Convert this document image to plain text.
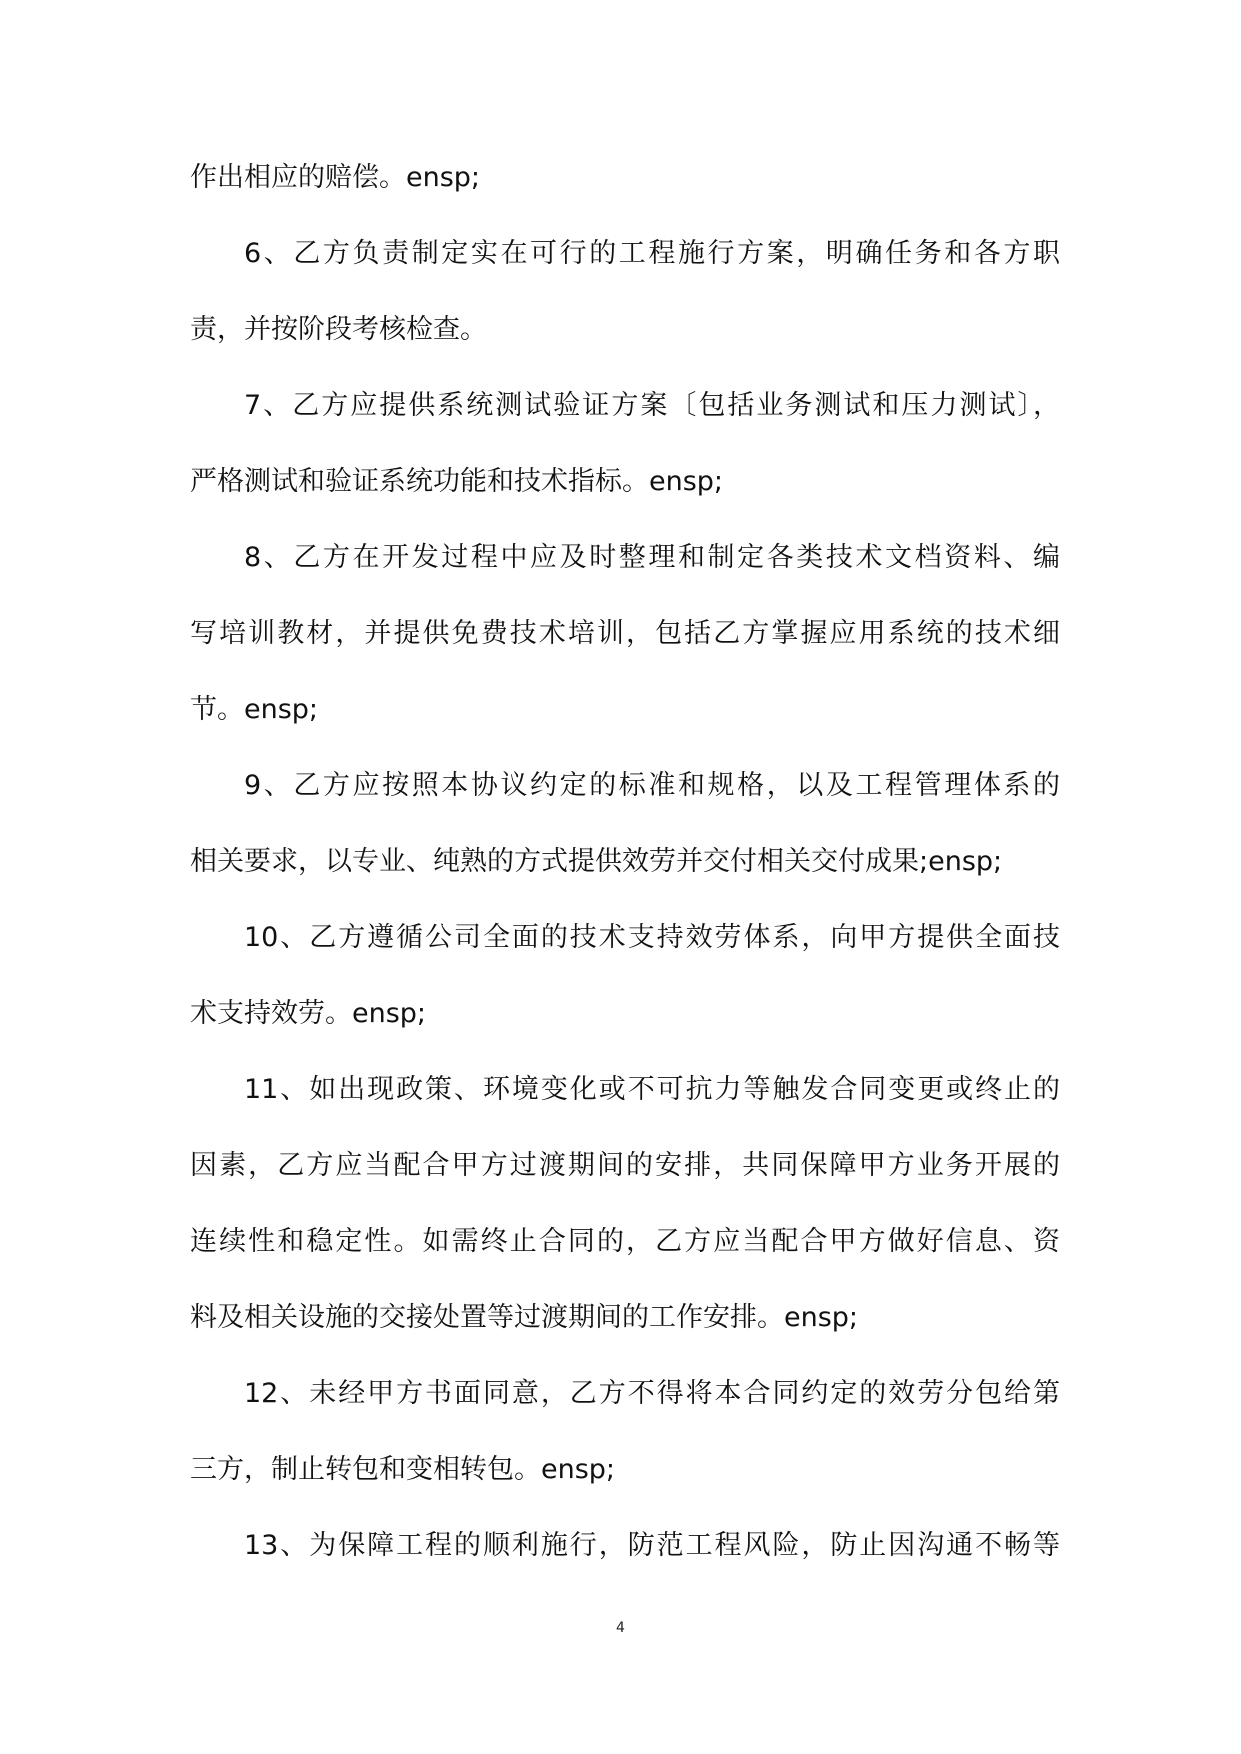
作出相应的赔偿。ensp;
6、乙方负责制定实在可行的工程施行方案，明确任务和各方职
责，并按阶段考核检查。
7、乙方应提供系统测试验证方案〔包括业务测试和压力测试〕，
严格测试和验证系统功能和技术指标。ensp;
8、乙方在开发过程中应及时整理和制定各类技术文档资料、编
写培训教材，并提供免费技术培训，包括乙方掌握应用系统的技术细
节。ensp;
9、乙方应按照本协议约定的标准和规格，以及工程管理体系的
相关要求，以专业、纯熟的方式提供效劳并交付相关交付成果;ensp;
10、乙方遵循公司全面的技术支持效劳体系，向甲方提供全面技
术支持效劳。ensp;
11、如出现政策、环境变化或不可抗力等触发合同变更或终止的
因素，乙方应当配合甲方过渡期间的安排，共同保障甲方业务开展的
连续性和稳定性。如需终止合同的，乙方应当配合甲方做好信息、资
料及相关设施的交接处置等过渡期间的工作安排。ensp;
12、未经甲方书面同意，乙方不得将本合同约定的效劳分包给第
三方，制止转包和变相转包。ensp;
13、为保障工程的顺利施行，防范工程风险，防止因沟通不畅等
4
